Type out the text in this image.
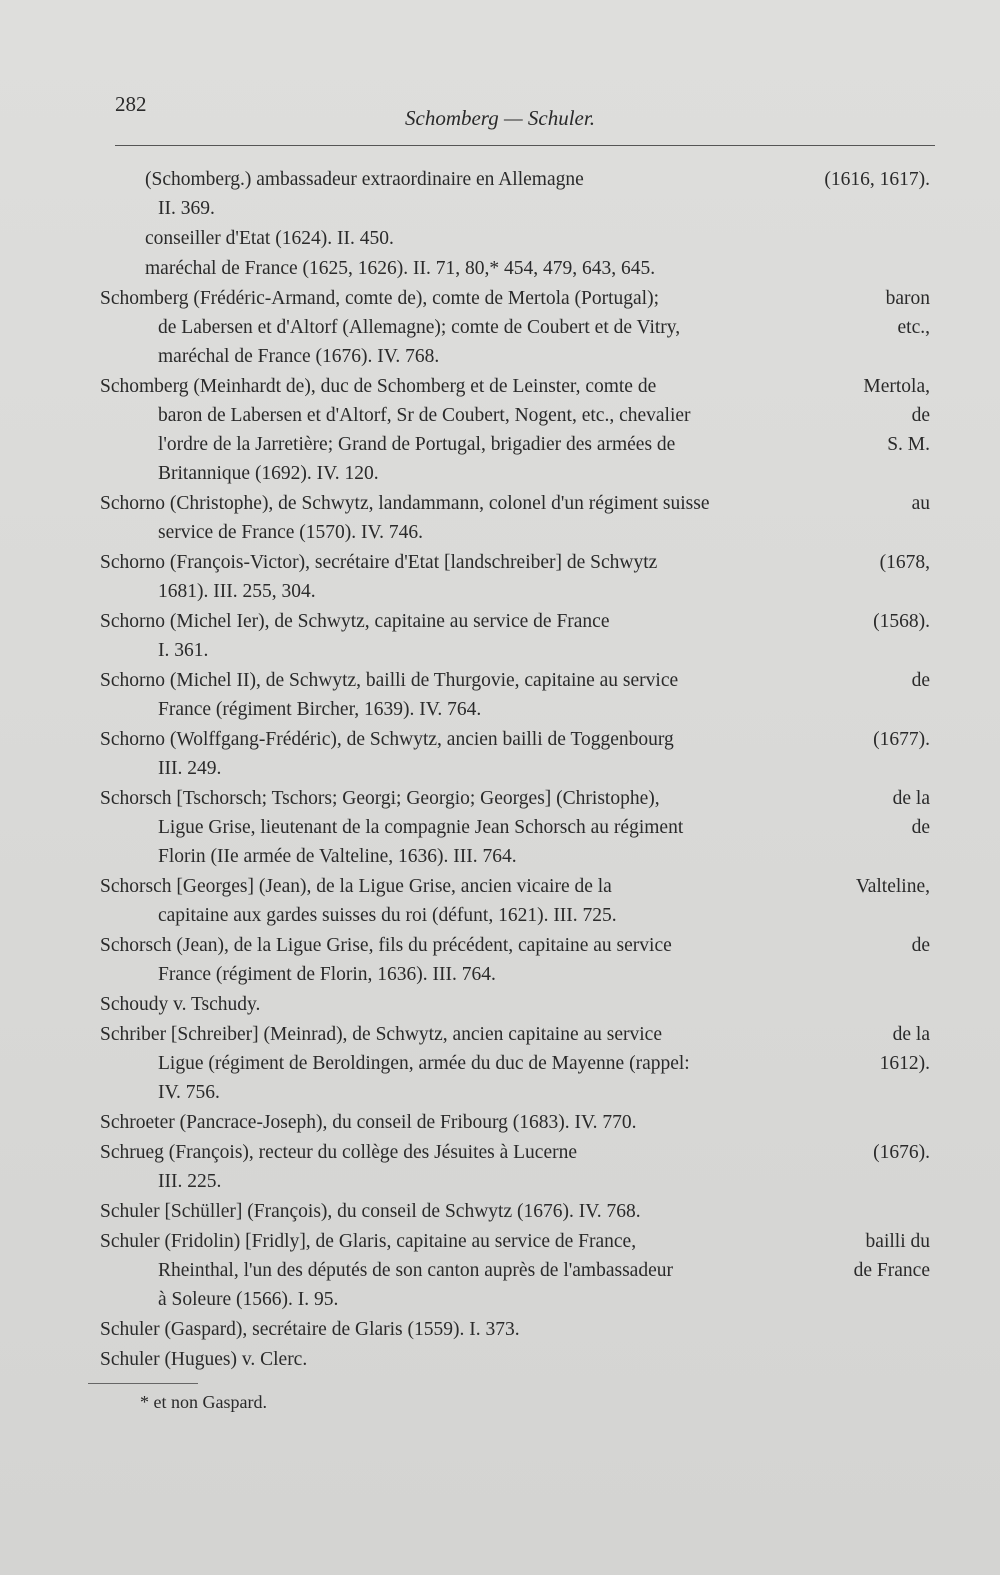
282
Schomberg — Schuler.
(Schomberg.) ambassadeur extraordinaire en Allemagne	(1616, 1617).
II. 369.
conseiller d'Etat (1624). II. 450.
maréchal de France (1625, 1626). II. 71, 80,* 454, 479, 643, 645.
Schomberg (Frédéric-Armand, comte de), comte de Mertola (Portugal);	baron
de Labersen et d'Altorf (Allemagne); comte de Coubert et de Vitry,	etc.,
maréchal de France (1676). IV. 768.
Schomberg (Meinhardt de), duc de Schomberg et de Leinster, comte de	Mertola,
baron de Labersen et d'Altorf, Sr de Coubert, Nogent, etc., chevalier	de
l'ordre de la Jarretière; Grand de Portugal, brigadier des armées de	S. M.
Britannique (1692). IV. 120.
Schorno (Christophe), de Schwytz, landammann, colonel d'un régiment suisse	au
service de France (1570). IV. 746.
Schorno (François-Victor), secrétaire d'Etat [landschreiber] de Schwytz	(1678,
1681). III. 255, 304.
Schorno (Michel Ier), de Schwytz, capitaine au service de France	(1568).
I. 361.
Schorno (Michel II), de Schwytz, bailli de Thurgovie, capitaine au service	de
France (régiment Bircher, 1639). IV. 764.
Schorno (Wolffgang-Frédéric), de Schwytz, ancien bailli de Toggenbourg	(1677).
III. 249.
Schorsch [Tschorsch; Tschors; Georgi; Georgio; Georges] (Christophe),	de la
Ligue Grise, lieutenant de la compagnie Jean Schorsch au régiment	de
Florin (IIe armée de Valteline, 1636). III. 764.
Schorsch [Georges] (Jean), de la Ligue Grise, ancien vicaire de la	Valteline,
capitaine aux gardes suisses du roi (défunt, 1621). III. 725.
Schorsch (Jean), de la Ligue Grise, fils du précédent, capitaine au service	de
France (régiment de Florin, 1636). III. 764.
Schoudy v. Tschudy.
Schriber [Schreiber] (Meinrad), de Schwytz, ancien capitaine au service	de la
Ligue (régiment de Beroldingen, armée du duc de Mayenne (rappel:	1612).
IV. 756.
Schroeter (Pancrace-Joseph), du conseil de Fribourg (1683). IV. 770.
Schrueg (François), recteur du collège des Jésuites à Lucerne	(1676).
III. 225.
Schuler [Schüller] (François), du conseil de Schwytz (1676). IV. 768.
Schuler (Fridolin) [Fridly], de Glaris, capitaine au service de France,	bailli du
Rheinthal, l'un des députés de son canton auprès de l'ambassadeur	de France
à Soleure (1566). I. 95.
Schuler (Gaspard), secrétaire de Glaris (1559). I. 373.
Schuler (Hugues) v. Clerc.
* et non Gaspard.
